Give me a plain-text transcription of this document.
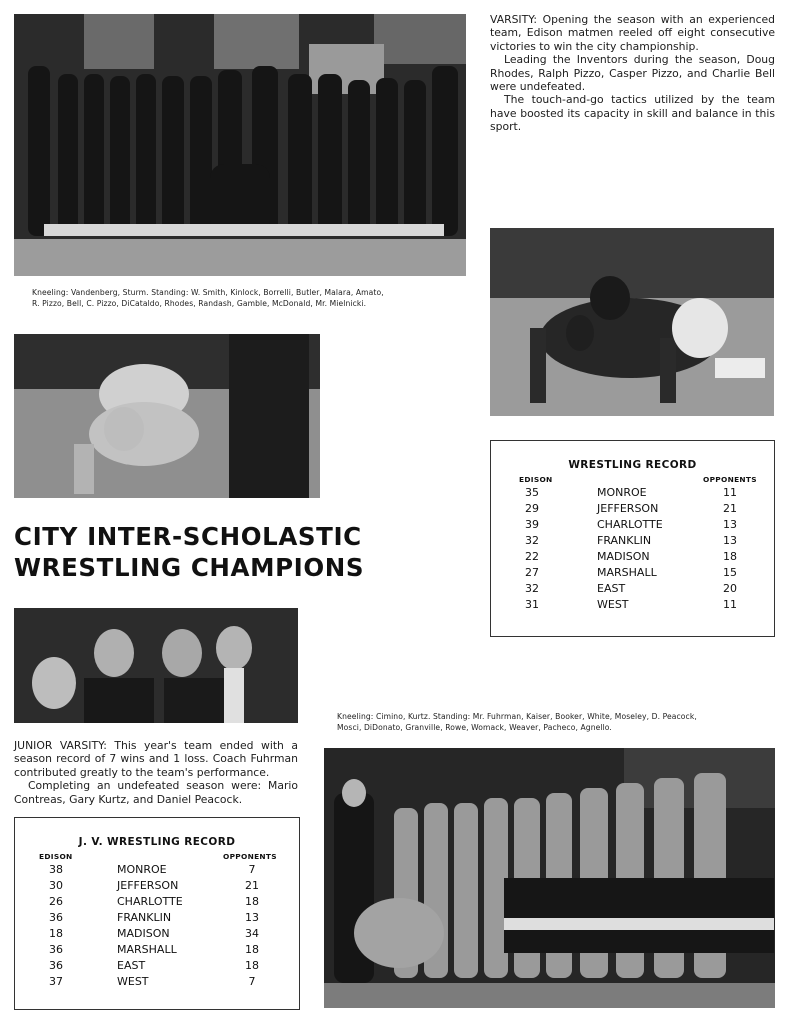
Kneeling: Vandenberg, Sturm. Standing: W. Smith, Kinlock, Borrelli, Butler, Malara, Amato,
R. Pizzo, Bell, C. Pizzo, DiCataldo, Rhodes, Randash, Gamble, McDonald, Mr. Mielnicki.

VARSITY: Opening the season with an experienced team, Edison matmen reeled off eight consecutive victories to win the city championship.

Leading the Inventors during the season, Doug Rhodes, Ralph Pizzo, Casper Pizzo, and Charlie Bell were undefeated.

The touch-and-go tactics utilized by the team have boosted its capacity in skill and balance in this sport.

CITY INTER-SCHOLASTIC
WRESTLING CHAMPIONS
WRESTLING RECORD
EDISON	OPPONENTS
35	MONROE	11
29	JEFFERSON	21
39	CHARLOTTE	13
32	FRANKLIN	13
22	MADISON	18
27	MARSHALL	15
32	EAST	20
31	WEST	11
Kneeling: Cimino, Kurtz. Standing: Mr. Fuhrman, Kaiser, Booker, White, Moseley, D. Peacock,
Mosci, DiDonato, Granville, Rowe, Womack, Weaver, Pacheco, Agnello.

JUNIOR VARSITY: This year's team ended with a season record of 7 wins and 1 loss. Coach Fuhrman contributed greatly to the team's performance.

Completing an undefeated season were: Mario Contreas, Gary Kurtz, and Daniel Peacock.

J. V. WRESTLING RECORD
EDISON	OPPONENTS
38	MONROE	7
30	JEFFERSON	21
26	CHARLOTTE	18
36	FRANKLIN	13
18	MADISON	34
36	MARSHALL	18
36	EAST	18
37	WEST	7
